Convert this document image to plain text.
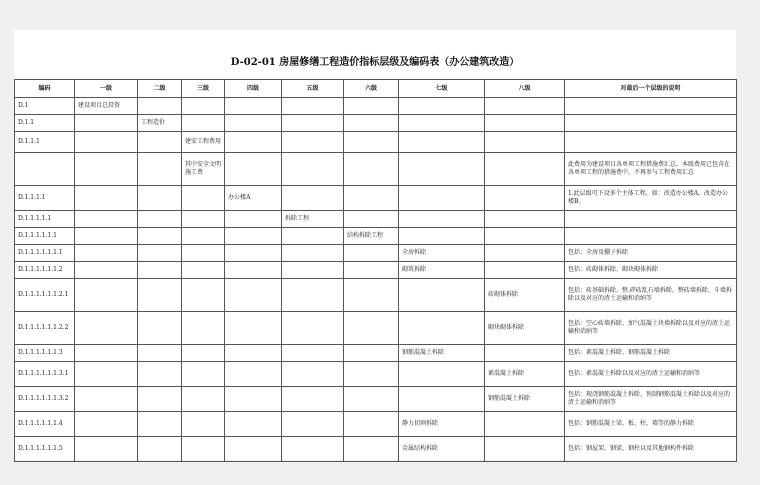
D-02-01 房屋修缮工程造价指标层级及编码表（办公建筑改造）
编码	一级	二级	三级	四级	五级	六级	七级	八级	对最后一个层级的说明
D.1	建设项目总投资								
D.1.1		工程造价							
D.1.1.1			建安工程费用						
			其中安全文明施工费						此费用为建设项目各单项工程措施费汇总，本级费用已包含在各单项工程的措施费中，不再参与工程费用汇总
D.1.1.1.1				办公楼A					1.此层级可下设多个主体工程，如：改造办公楼A、改造办公楼B。
D.1.1.1.1.1					拆除工程				
D.1.1.1.1.1.1						结构拆除工程			
D.1.1.1.1.1.1.1							全房拆除		包括：全房及棚子拆除
D.1.1.1.1.1.1.2							砌筑拆除		包括：砖砌体拆除、砌块砌体拆除
D.1.1.1.1.1.1.2.1								砖砌体拆除	包括：砖基础拆除、整.碎砖乱石墙拆除、整砖墙拆除、斗墙拆除以及对应的渣土运输和消纳等
D.1.1.1.1.1.1.2.2								砌块砌体拆除	包括：空心砖墙拆除、加气混凝土块墙拆除以及对应的渣土运输和消纳等
D.1.1.1.1.1.1.3							钢筋混凝土拆除		包括：素混凝土拆除、钢筋混凝土拆除
D.1.1.1.1.1.1.3.1								素混凝土拆除	包括：素混凝土拆除以及对应的渣土运输和消纳等
D.1.1.1.1.1.1.3.2								钢筋混凝土拆除	包括：现浇钢筋混凝土拆除、预制钢筋混凝土拆除以及对应的渣土运输和消纳等
D.1.1.1.1.1.1.4							静力切割拆除		包括：钢筋混凝土梁、板、柱、墙等的静力拆除
D.1.1.1.1.1.1.5							金属结构拆除		包括：钢屋架、钢梁、钢柱以及其他钢构件拆除
